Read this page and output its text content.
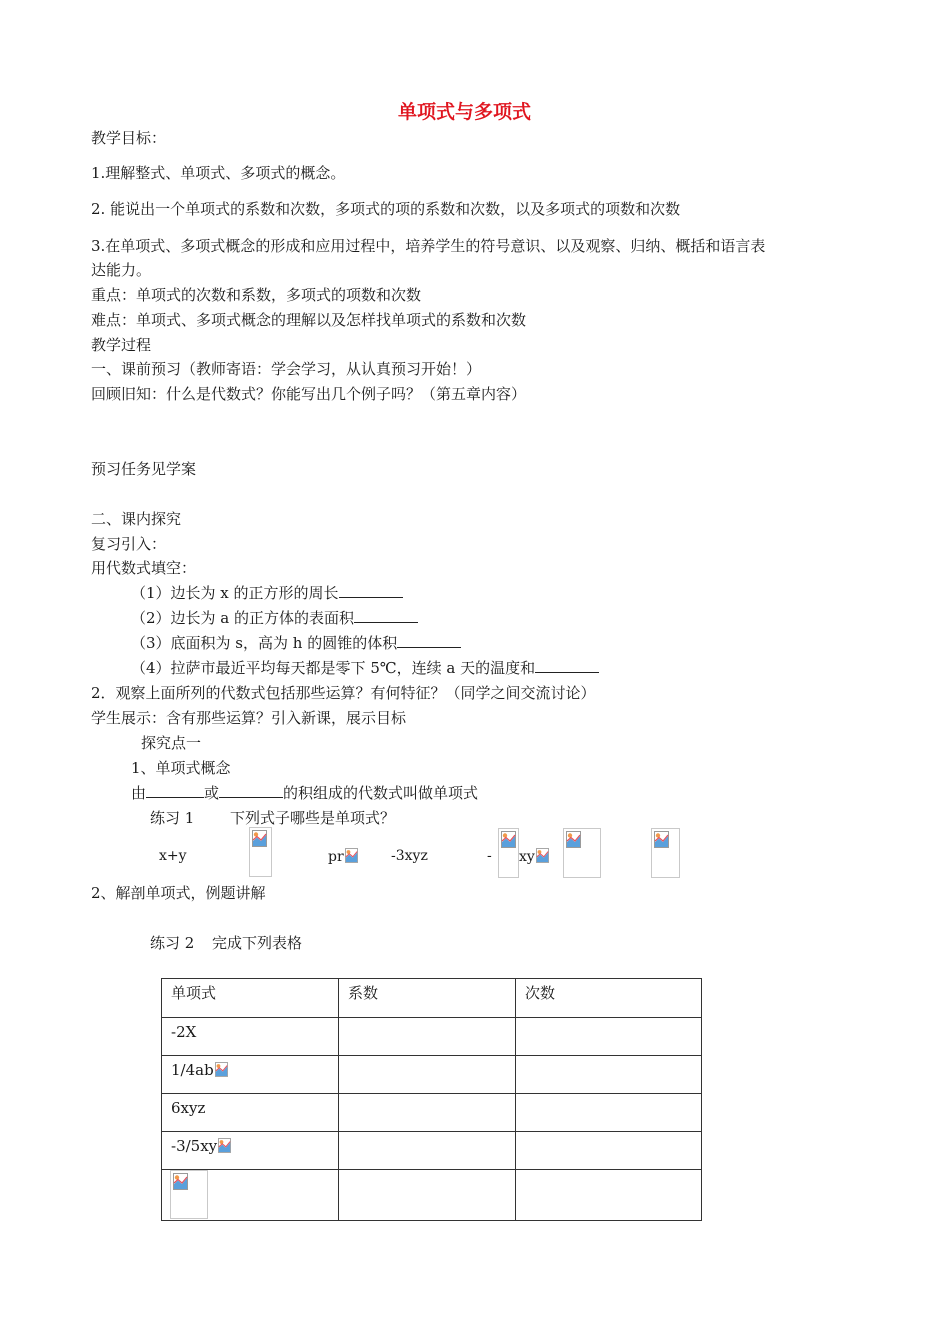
单项式与多项式
教学目标：
1.理解整式、单项式、多项式的概念。
2. 能说出一个单项式的系数和次数，多项式的项的系数和次数，以及多项式的项数和次数
3.在单项式、多项式概念的形成和应用过程中，培养学生的符号意识、以及观察、归纳、概括和语言表
达能力。
重点：单项式的次数和系数，多项式的项数和次数
难点：单项式、多项式概念的理解以及怎样找单项式的系数和次数
教学过程
一、课前预习（教师寄语：学会学习，从认真预习开始！）
回顾旧知：什么是代数式？你能写出几个例子吗？（第五章内容）
预习任务见学案
二、课内探究
复习引入：
用代数式填空：
（1）边长为 x 的正方形的周长
（2）边长为 a 的正方体的表面积
（3）底面积为 s，高为 h 的圆锥的体积
（4）拉萨市最近平均每天都是零下 5℃，连续 a 天的温度和
2．观察上面所列的代数式包括那些运算？有何特征？（同学之间交流讨论）
学生展示：含有那些运算？引入新课，展示目标
探究点一
1、单项式概念
由	或	的积组成的代数式叫做单项式
练习 1 下列式子哪些是单项式？
x+y	pr	-3xyz	- xy
2、解剖单项式，例题讲解
练习 2 完成下列表格
单项式	系数	次数
-2X		
1/4ab		
6xyz		
-3/5xy		
